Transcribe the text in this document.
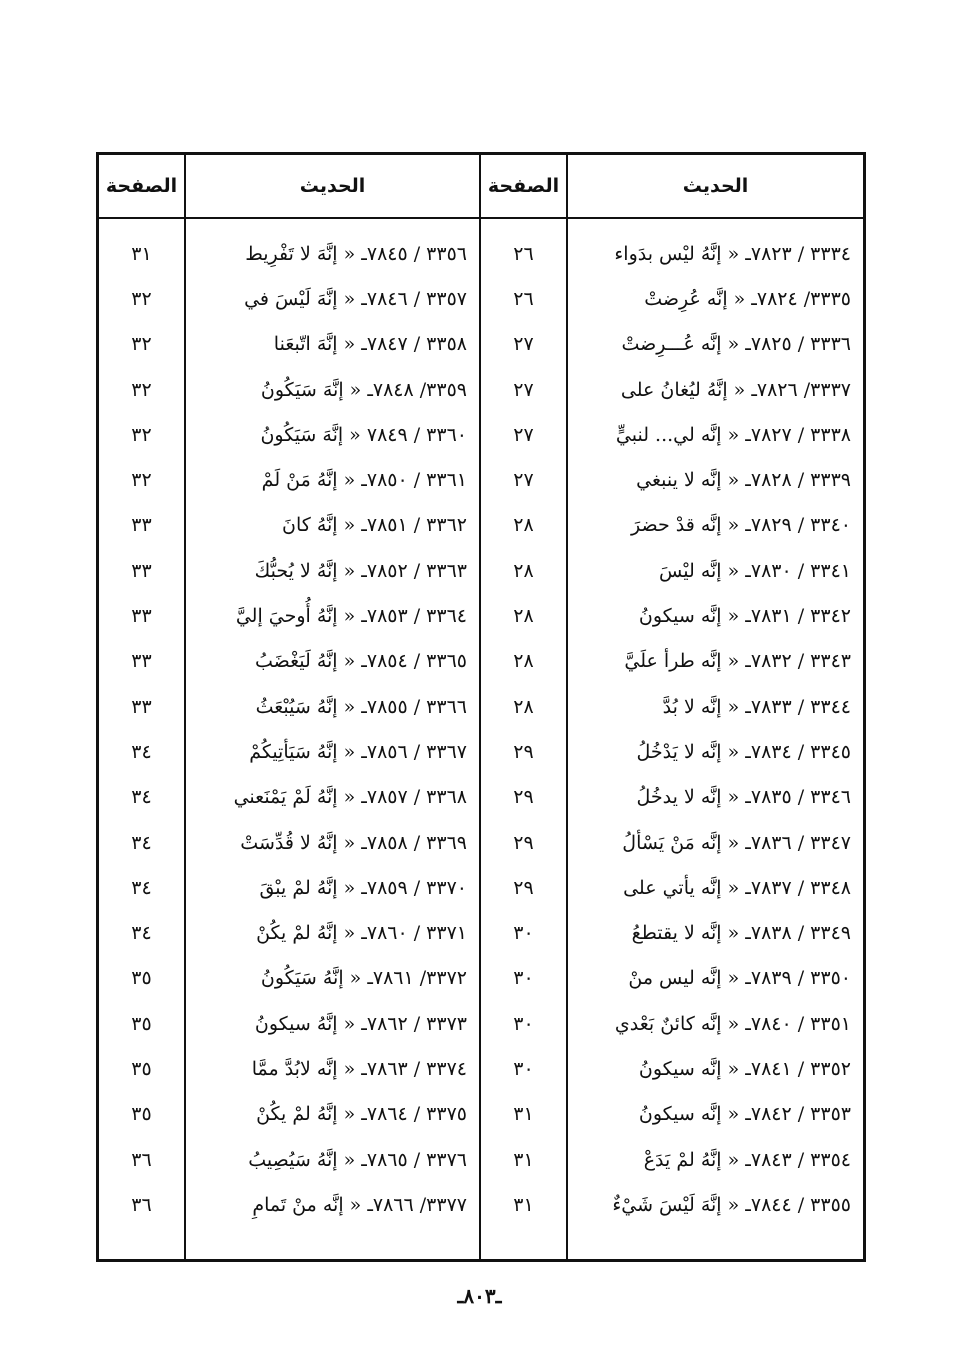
الحديث
٣٣٣٤ / ٧٨٢٣ـ « إنَّهُ ليْس بدَواء
٣٣٣٥/ ٧٨٢٤ـ « إنَّه عُرِضتْ
٣٣٣٦ / ٧٨٢٥ـ « إنَّه عُـــرِضتْ
٣٣٣٧/ ٧٨٢٦ـ « إنَّهُ ليُغانُ على
٣٣٣٨ / ٧٨٢٧ـ « إنَّه لي... لنبيٍّ
٣٣٣٩ / ٧٨٢٨ـ « إنَّه لا ينبغي
٣٣٤٠ / ٧٨٢٩ـ « إنَّه قدْ حضرَ
٣٣٤١ / ٧٨٣٠ـ « إنَّه ليْسَ
٣٣٤٢ / ٧٨٣١ـ « إنَّه سيكونُ
٣٣٤٣ / ٧٨٣٢ـ « إنَّه طرأ علَيَّ
٣٣٤٤ / ٧٨٣٣ـ « إنَّه لا بُدَّ
٣٣٤٥ / ٧٨٣٤ـ « إنَّه لا يَدْخُلُ
٣٣٤٦ / ٧٨٣٥ـ « إنَّه لا يدخُلُ
٣٣٤٧ / ٧٨٣٦ـ « إنَّه مَنْ يَسْألُ
٣٣٤٨ / ٧٨٣٧ـ « إنَّه يأتي على
٣٣٤٩ / ٧٨٣٨ـ « إنَّه لا يقتطعُ
٣٣٥٠ / ٧٨٣٩ـ « إنَّه ليس منْ
٣٣٥١ / ٧٨٤٠ـ « إنَّه كائنٌ بَعْدي
٣٣٥٢ / ٧٨٤١ـ « إنَّه سيكونُ
٣٣٥٣ / ٧٨٤٢ـ « إنَّه سيكونُ
٣٣٥٤ / ٧٨٤٣ـ « إنَّهُ لمْ يَدَعْ
٣٣٥٥ / ٧٨٤٤ـ « إنَّهَ لَيْسَ شَيْءٌ
الصفحة
٢٦
٢٦
٢٧
٢٧
٢٧
٢٧
٢٨
٢٨
٢٨
٢٨
٢٨
٢٩
٢٩
٢٩
٢٩
٣٠
٣٠
٣٠
٣٠
٣١
٣١
٣١
الحديث
٣٣٥٦ / ٧٨٤٥ـ « إنَّهَ لا تَفْرِيط
٣٣٥٧ / ٧٨٤٦ـ « إنَّهَ لَيْسَ في
٣٣٥٨ / ٧٨٤٧ـ « إنَّهَ اتّبعَنا
٣٣٥٩/ ٧٨٤٨ـ « إنَّهَ سَيَكُونُ
٣٣٦٠ / ٧٨٤٩ « إنَّهَ سَيَكُونُ
٣٣٦١ / ٧٨٥٠ـ « إنَّهُ مَنْ لَمْ
٣٣٦٢ / ٧٨٥١ـ « إنَّهُ كانَ
٣٣٦٣ / ٧٨٥٢ـ « إنَّهُ لا يُحبُّكَ
٣٣٦٤ / ٧٨٥٣ـ « إنَّهُ أُوحيَ إليَّ
٣٣٦٥ / ٧٨٥٤ـ « إنَّهُ لَيَغْضَبُ
٣٣٦٦ / ٧٨٥٥ـ « إنَّهُ سَيُبْعَثُ
٣٣٦٧ / ٧٨٥٦ـ « إنَّهُ سَيَأتِيكُمْ
٣٣٦٨ / ٧٨٥٧ـ « إنَّهُ لَمْ يَمْنَعني
٣٣٦٩ / ٧٨٥٨ـ « إنَّهُ لا قُدِّسَتْ
٣٣٧٠ / ٧٨٥٩ـ « إنَّهُ لمْ يبْقَ
٣٣٧١ / ٧٨٦٠ـ « إنَّهُ لمْ يكُنْ
٣٣٧٢/ ٧٨٦١ـ « إنَّهُ سَيَكُونُ
٣٣٧٣ / ٧٨٦٢ـ « إنَّهُ سيكونُ
٣٣٧٤ / ٧٨٦٣ـ « إنَّه لابُدَّ ممَّا
٣٣٧٥ / ٧٨٦٤ـ « إنَّهُ لمْ يكُنْ
٣٣٧٦ / ٧٨٦٥ـ « إنَّهُ سَيُصِيبُ
٣٣٧٧/ ٧٨٦٦ـ « إنَّه منْ تَمامِ
الصفحة
٣١
٣٢
٣٢
٣٢
٣٢
٣٢
٣٣
٣٣
٣٣
٣٣
٣٣
٣٤
٣٤
٣٤
٣٤
٣٤
٣٥
٣٥
٣٥
٣٥
٣٦
٣٦
ـ٨٠٣ـ
